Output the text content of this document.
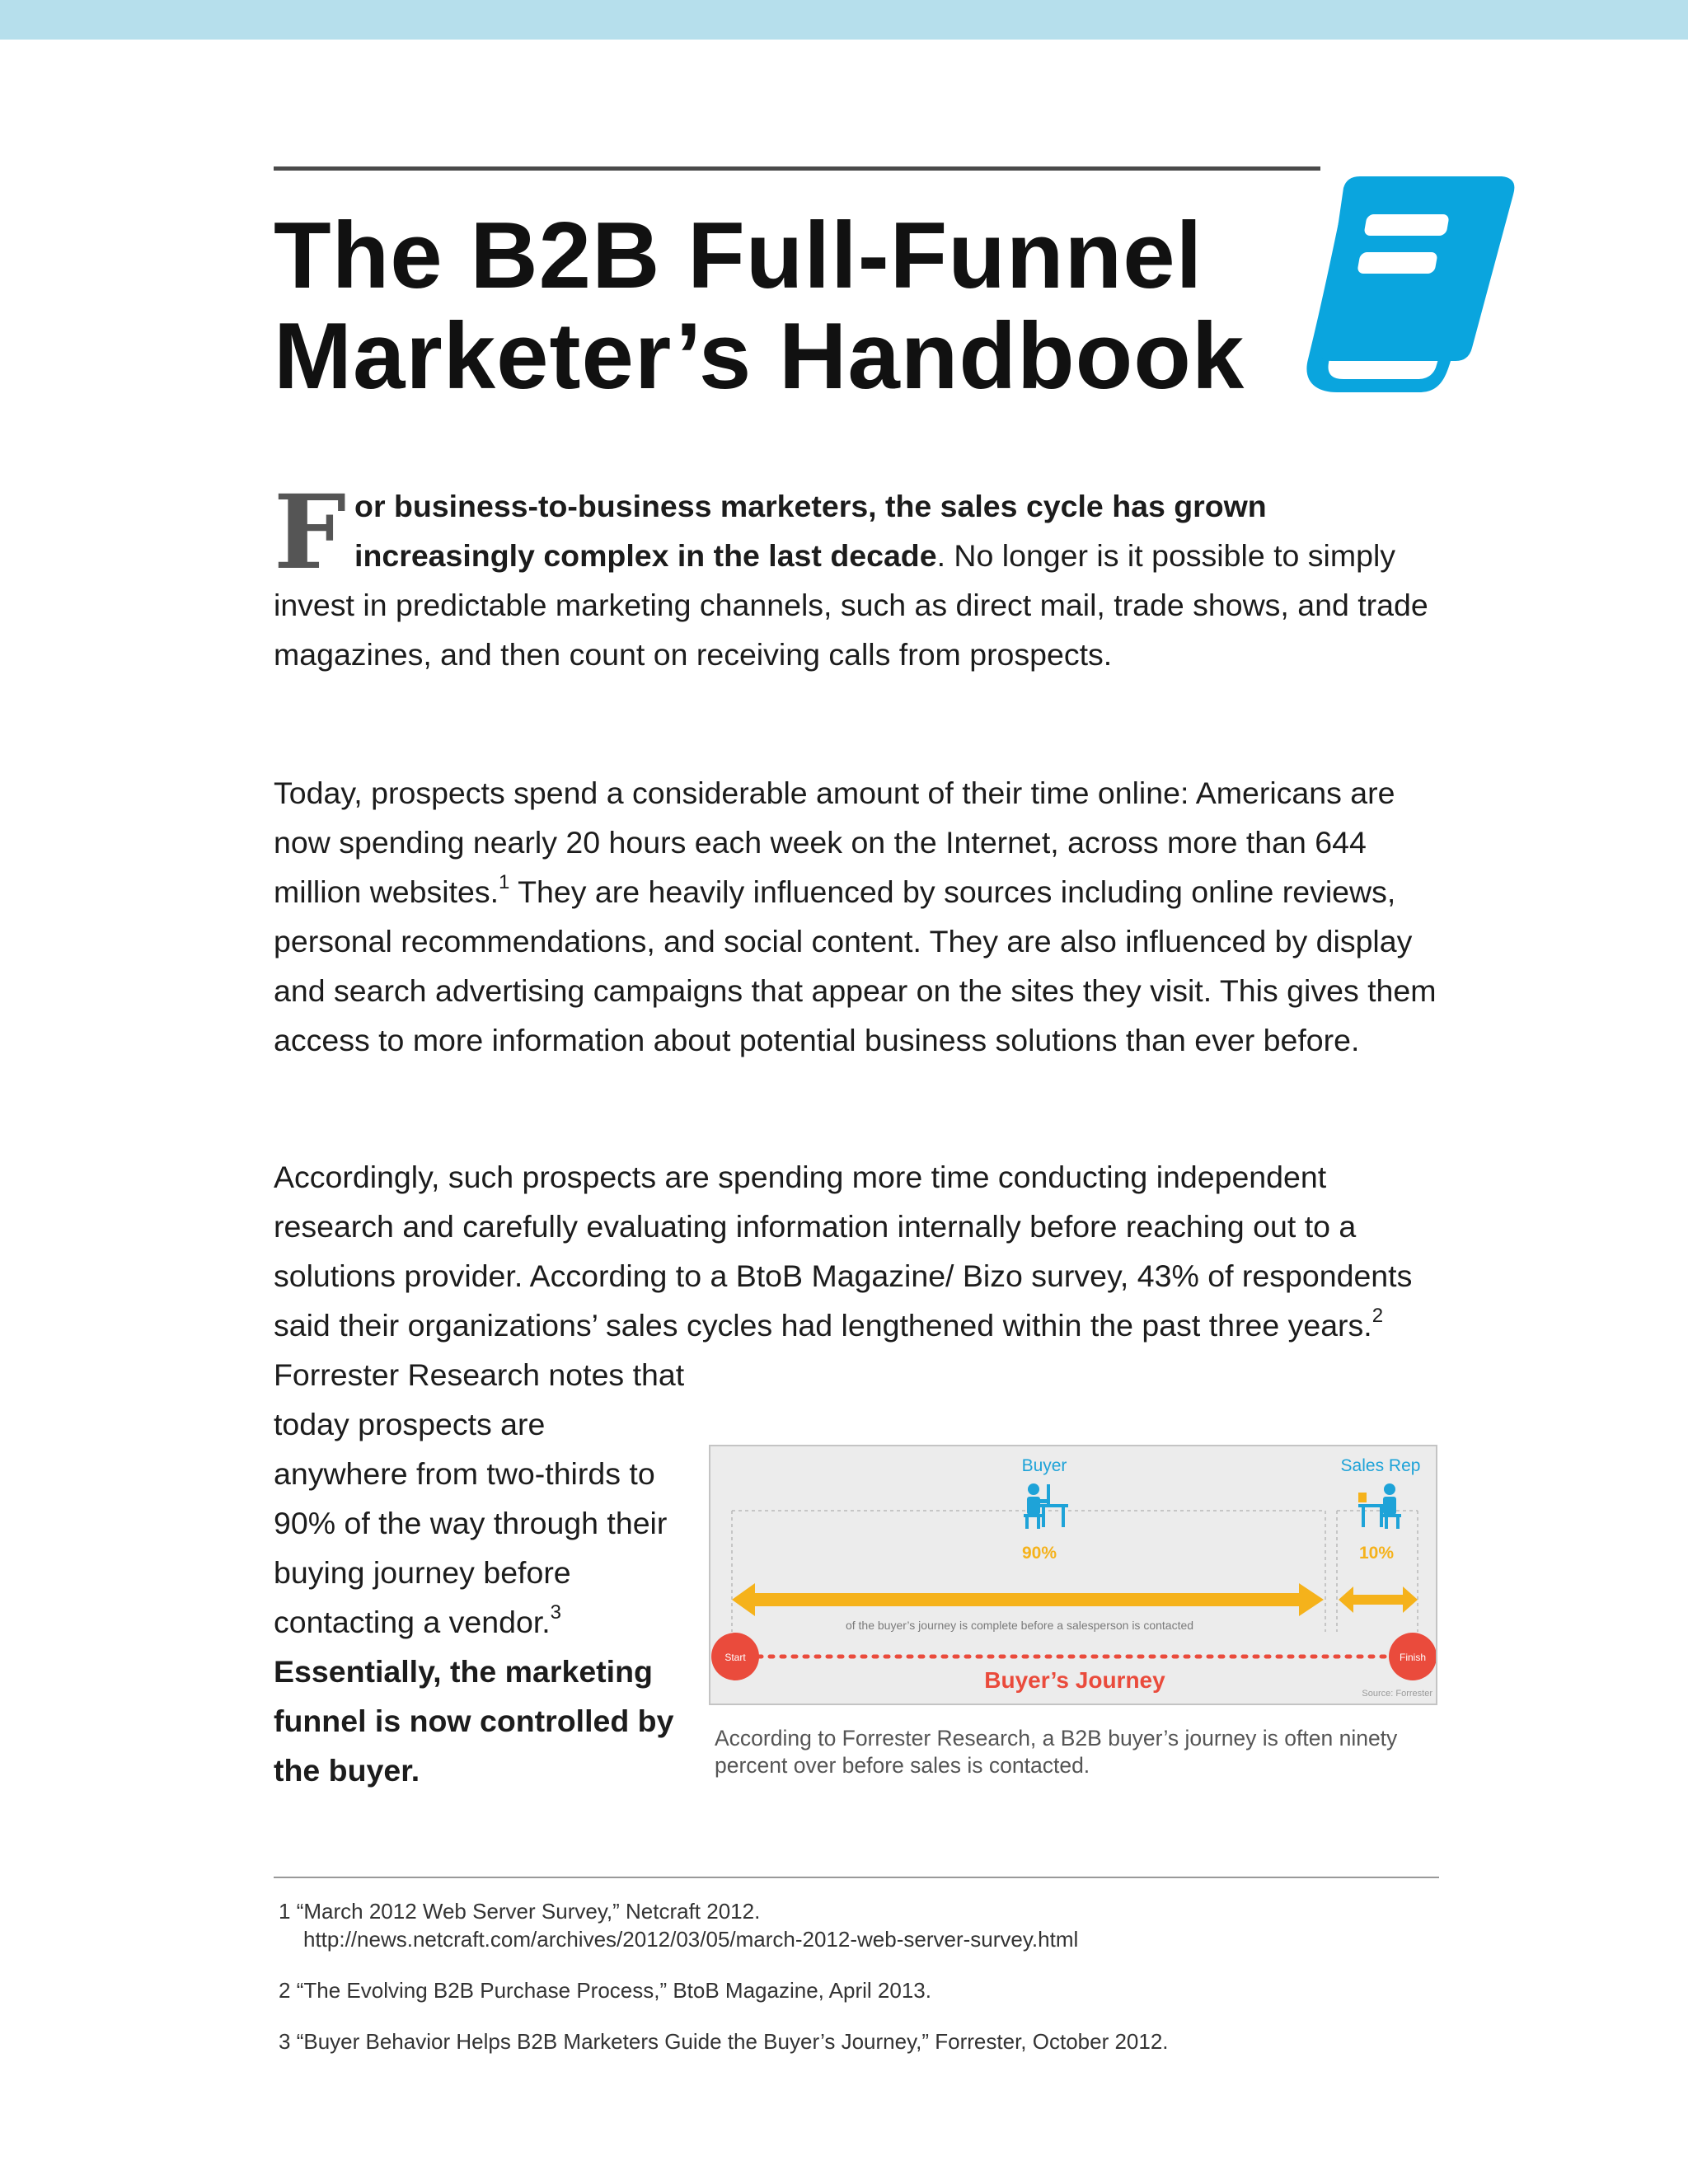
The B2B Full-Funnel
Marketer’s Handbook

For business-to-business marketers, the sales cycle has grown increasingly complex in the last decade. No longer is it possible to simply invest in predictable marketing channels, such as direct mail, trade shows, and trade magazines, and then count on receiving calls from prospects.

Today, prospects spend a considerable amount of their time online: Americans are now spending nearly 20 hours each week on the Internet, across more than 644 million websites.$^1$ They are heavily influenced by sources including online reviews, personal recommendations, and social content. They are also influenced by display and search advertising campaigns that appear on the sites they visit. This gives them access to more information about potential business solutions than ever before.

Accordingly, such prospects are spending more time conducting independent research and carefully evaluating information internally before reaching out to a solutions provider. According to a BtoB Magazine/ Bizo survey, 43% of respondents said their organizations’ sales cycles had lengthened within the past three years.$^2$ Forrester Research notes that

today prospects are anywhere from two-thirds to 90% of the way through their buying journey before contacting a vendor.$^3$ Essentially, the marketing funnel is now controlled by the buyer.

Buyer	Sales Rep
90%	10%
of the buyer’s journey is complete before a salesperson is contacted
Start	Finish
Buyer’s Journey
Source: Forrester

According to Forrester Research, a B2B buyer’s journey is often ninety percent over before sales is contacted.

1 “March 2012 Web Server Survey,” Netcraft 2012.
http://news.netcraft.com/archives/2012/03/05/march-2012-web-server-survey.html
2 “The Evolving B2B Purchase Process,” BtoB Magazine, April 2013.
3 “Buyer Behavior Helps B2B Marketers Guide the Buyer’s Journey,” Forrester, October 2012.
